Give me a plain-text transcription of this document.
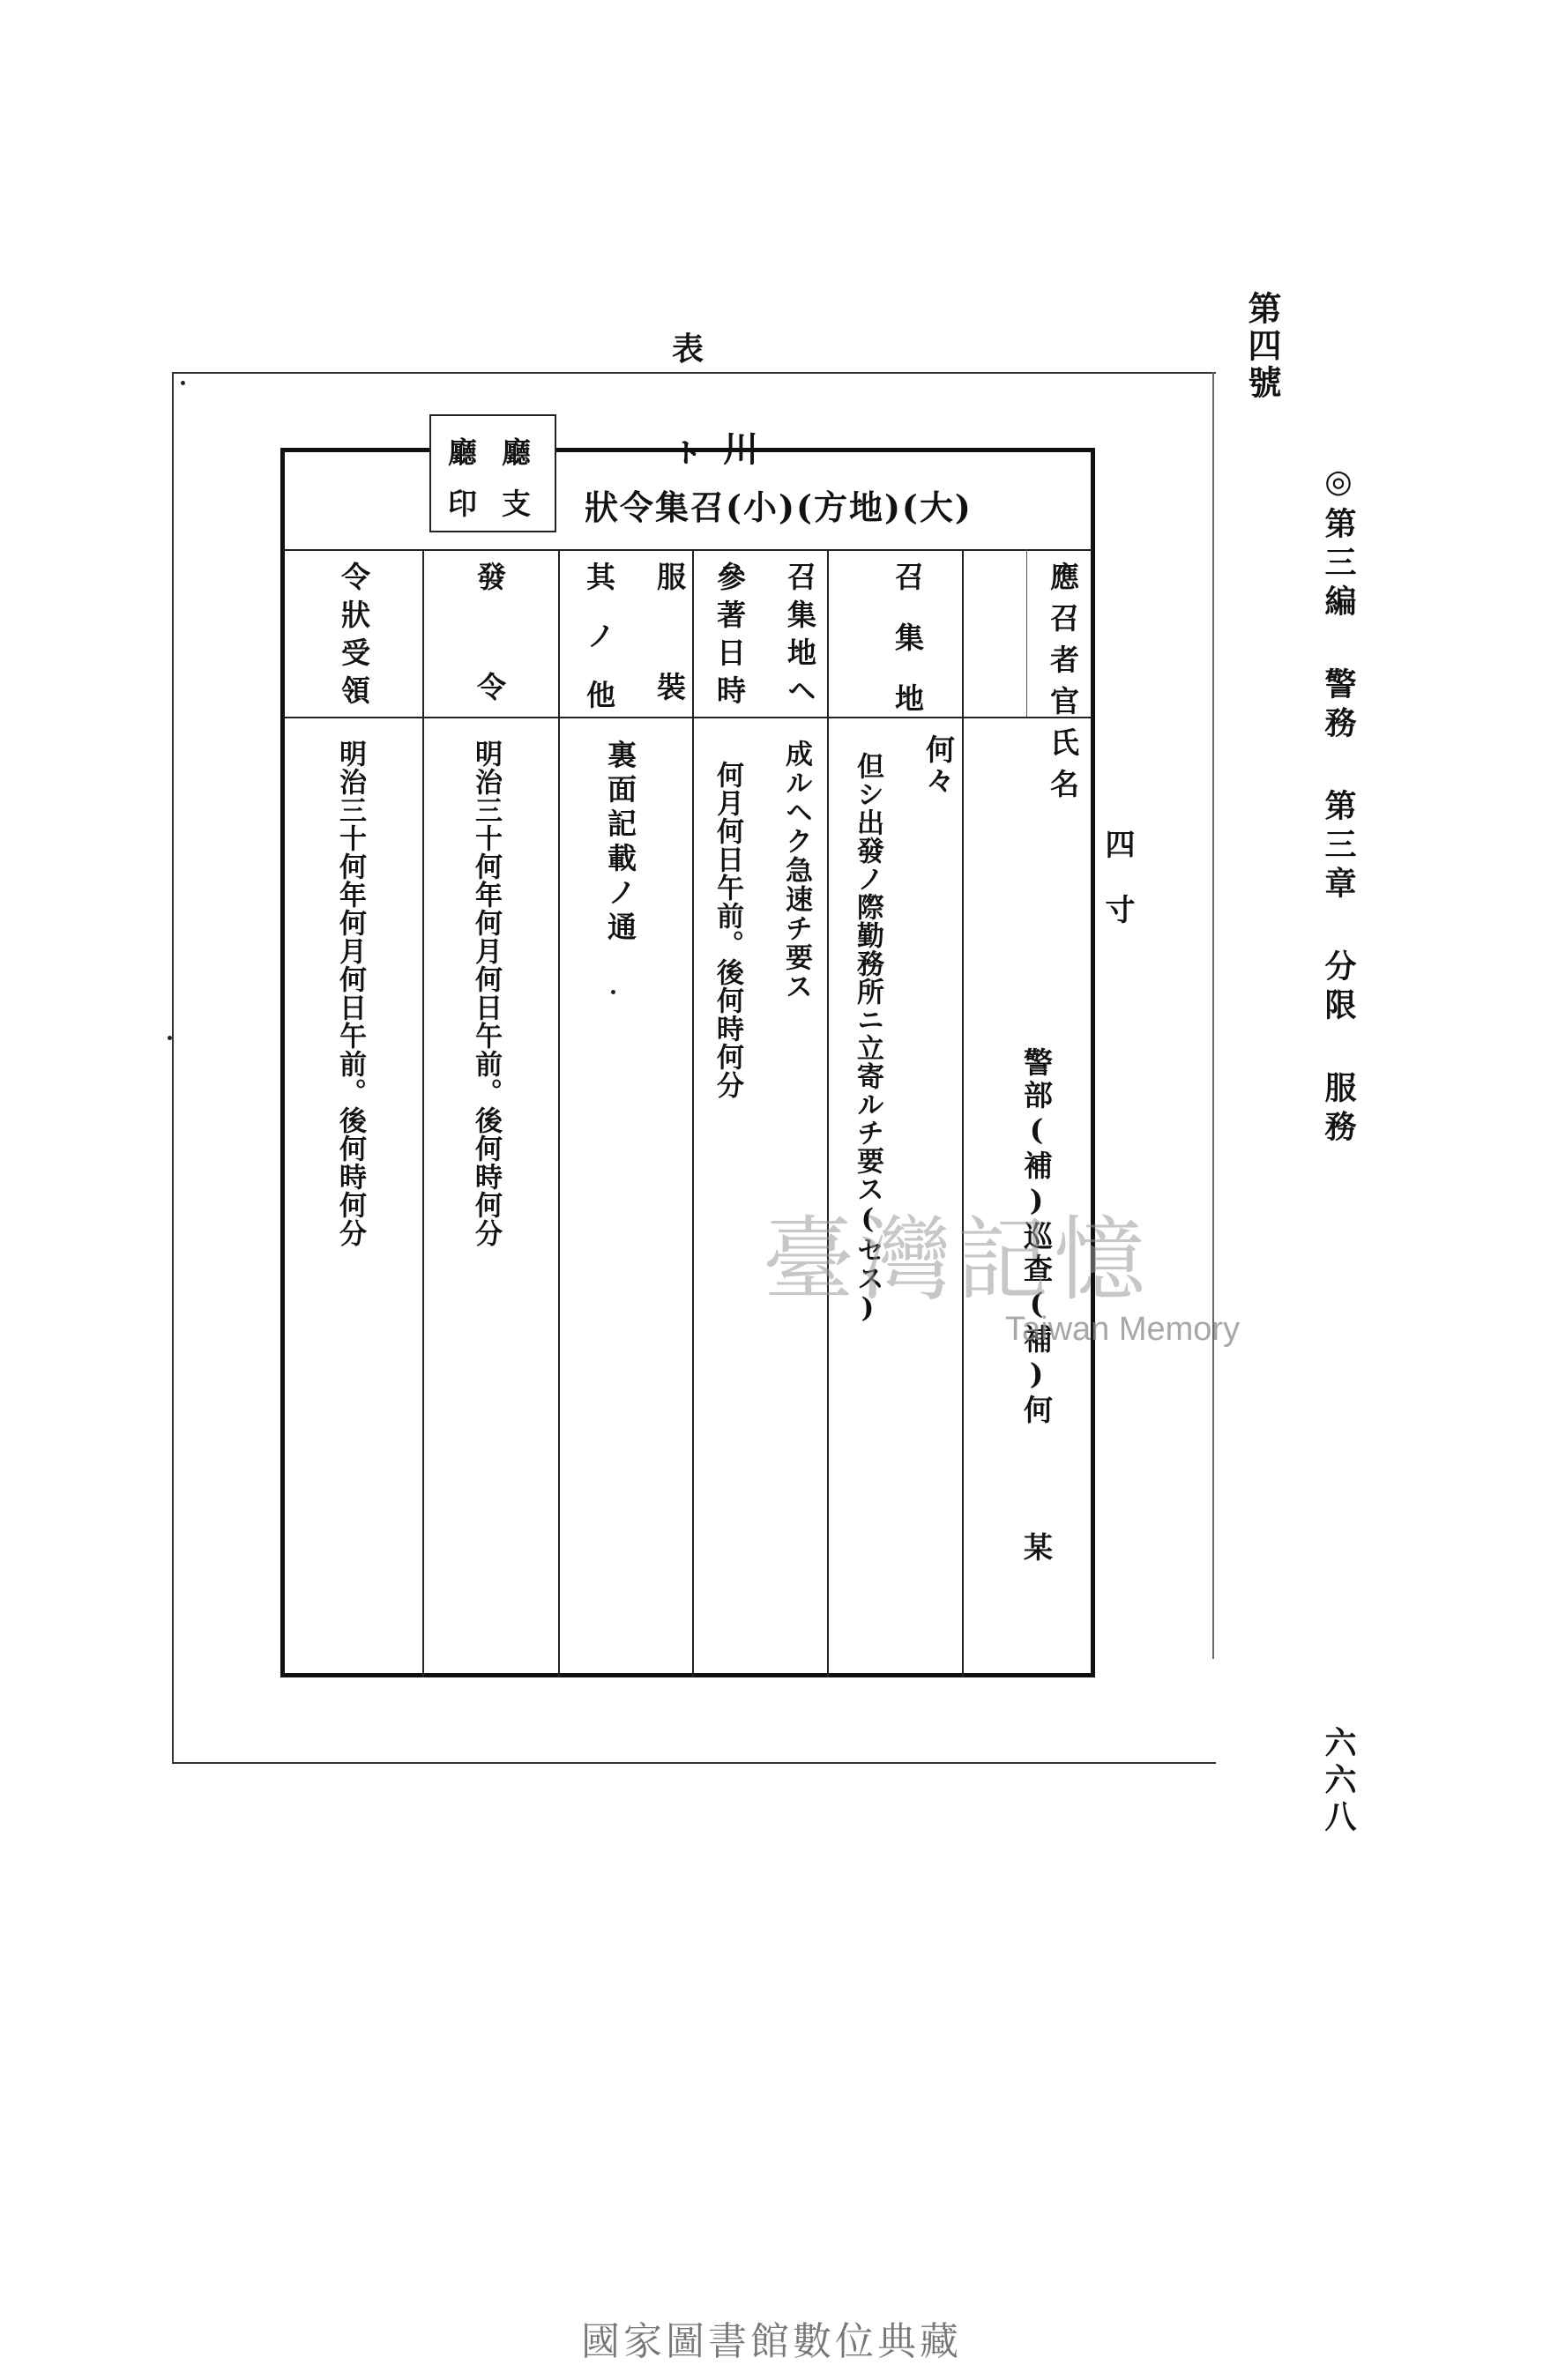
第四號
◎第三編 警務 第三章 分限 服務
六六八
表
ㇳ川
狀令集召(小)(方地)(大)
應召者官氏名
召集地
召集地ヘ
參著日時
服裝
其ノ他
發令
令狀受領
警部(補)巡查(補)何
某
何々
但シ出發ノ際勤務所ニ立寄ルチ要ス(セス)
成ルヘク急速チ要ス
何月何日午前。後何時何分
裏面記載ノ通
明治三十何年何月何日午前。後何時何分
明治三十何年何月何日午前。後何時何分
廳
廳
支
印
四寸
臺灣記憶
Taiwan Memory
國家圖書館數位典藏
